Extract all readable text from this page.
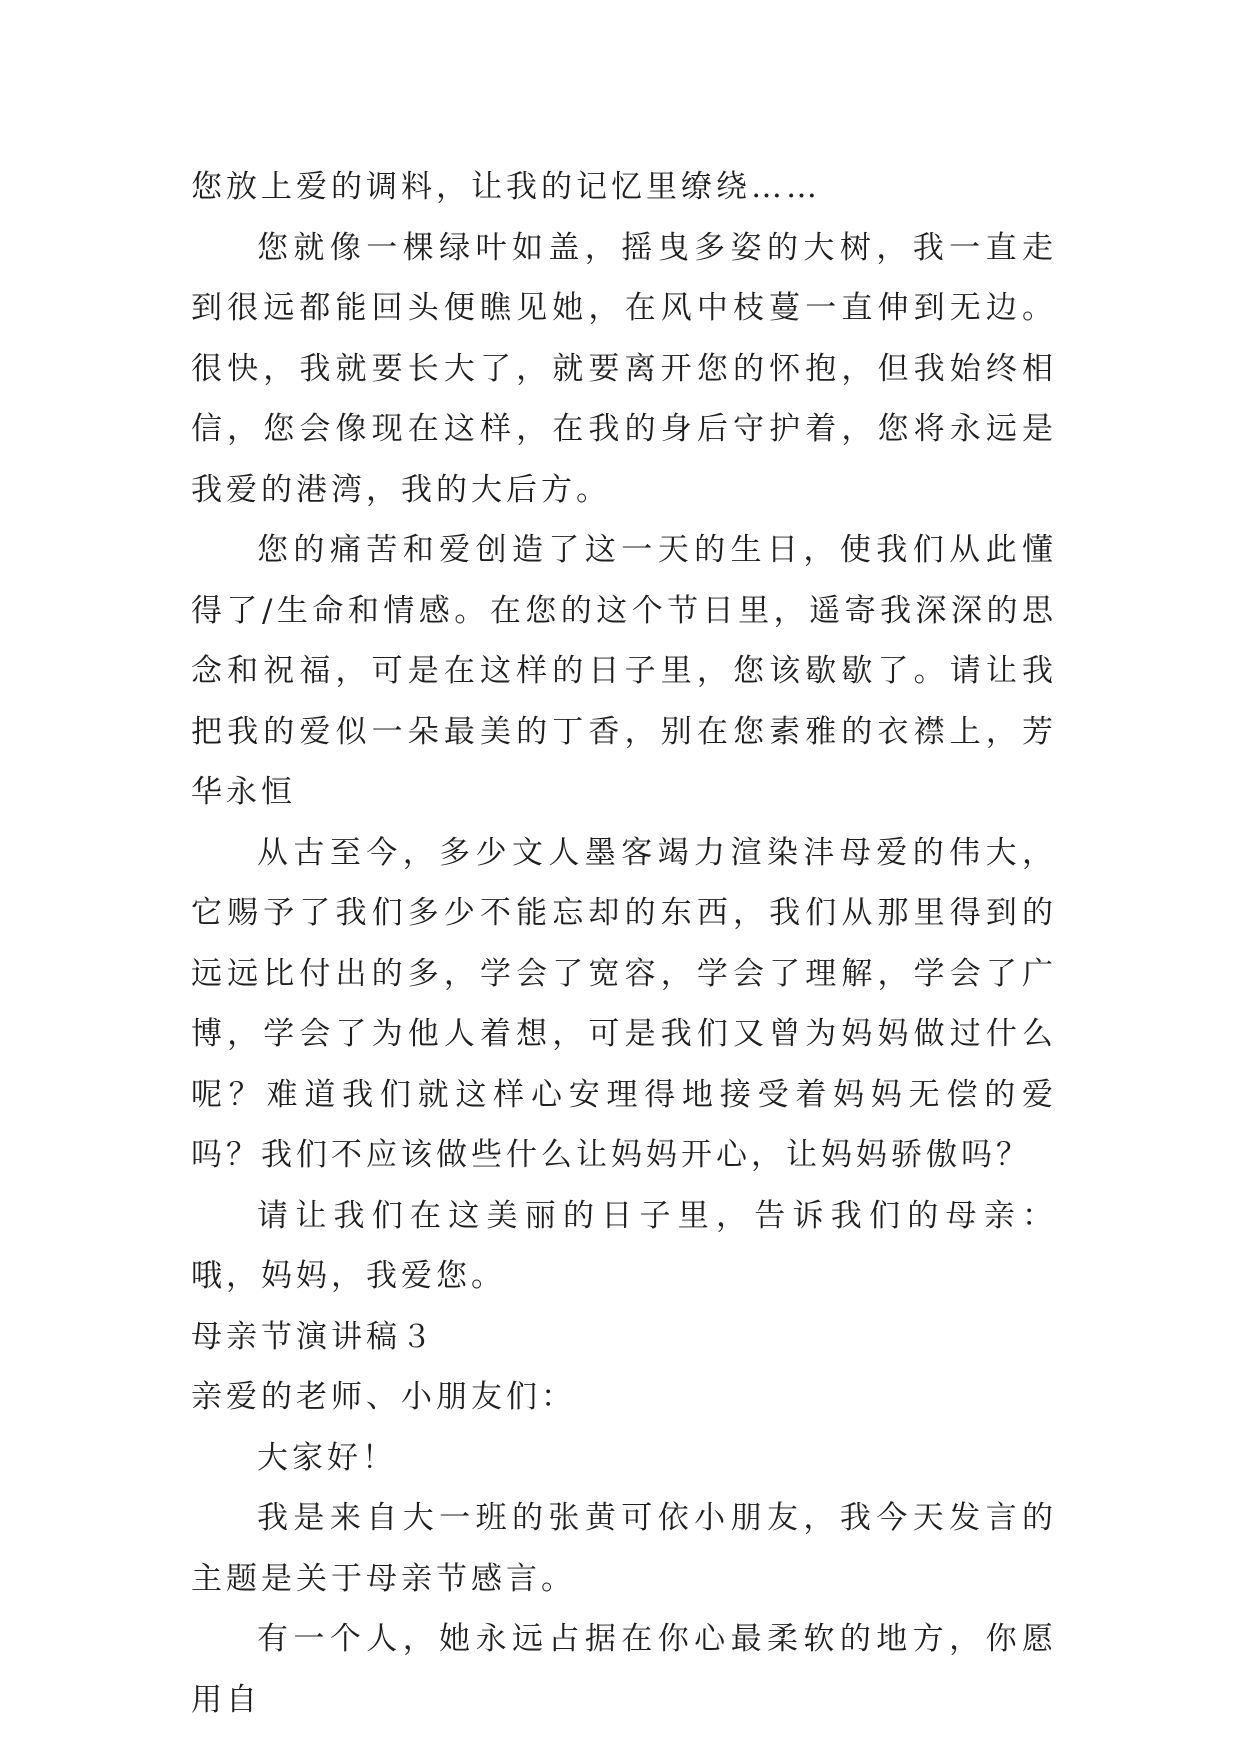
您放上爱的调料，让我的记忆里缭绕……

您就像一棵绿叶如盖，摇曳多姿的大树，我一直走到很远都能回头便瞧见她，在风中枝蔓一直伸到无边。很快，我就要长大了，就要离开您的怀抱，但我始终相信，您会像现在这样，在我的身后守护着，您将永远是我爱的港湾，我的大后方。

您的痛苦和爱创造了这一天的生日，使我们从此懂得了/生命和情感。在您的这个节日里，遥寄我深深的思念和祝福，可是在这样的日子里，您该歇歇了。请让我把我的爱似一朵最美的丁香，别在您素雅的衣襟上，芳华永恒

从古至今，多少文人墨客竭力渲染沣母爱的伟大，它赐予了我们多少不能忘却的东西，我们从那里得到的远远比付出的多，学会了宽容，学会了理解，学会了广博，学会了为他人着想，可是我们又曾为妈妈做过什么呢？难道我们就这样心安理得地接受着妈妈无偿的爱吗？我们不应该做些什么让妈妈开心，让妈妈骄傲吗？

请让我们在这美丽的日子里，告诉我们的母亲：哦，妈妈，我爱您。

母亲节演讲稿３

亲爱的老师、小朋友们：

大家好！

我是来自大一班的张黄可依小朋友，我今天发言的主题是关于母亲节感言。

有一个人，她永远占据在你心最柔软的地方，你愿用自
